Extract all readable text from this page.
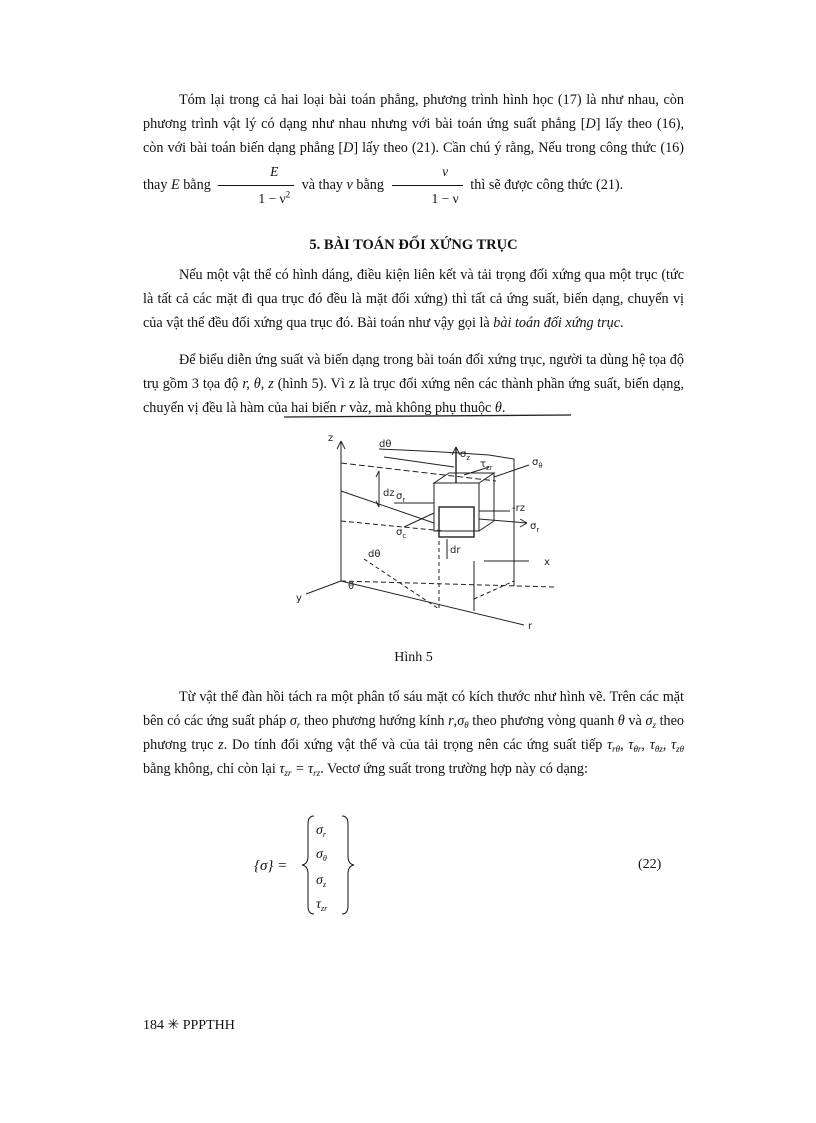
Tóm lại trong cả hai loại bài toán phẳng, phương trình hình học (17) là như nhau, còn phương trình vật lý có dạng như nhau nhưng với bài toán ứng suất phẳng [D] lấy theo (16), còn với bài toán biến dạng phẳng [D] lấy theo (21). Cần chú ý rằng, Nếu trong công thức (16) thay E bằng $\frac{E}{1 - \nu^2}$ và thay ν bằng $\frac{\nu}{1 - \nu}$ thì sẽ được công thức (21).

5. BÀI TOÁN ĐỐI XỨNG TRỤC

Nếu một vật thể có hình dáng, điều kiện liên kết và tải trọng đối xứng qua một trục (tức là tất cả các mặt đi qua trục đó đều là mặt đối xứng) thì tất cả ứng suất, biến dạng, chuyển vị của vật thể đều đối xứng qua trục đó. Bài toán như vậy gọi là bài toán đối xứng trục.

Để biểu diễn ứng suất và biến dạng trong bài toán đối xứng trục, người ta dùng hệ tọa độ trụ gồm 3 tọa độ r, θ, z (hình 5). Vì z là trục đối xứng nên các thành phần ứng suất, biến dạng, chuyển vị đều là hàm của hai biến r vàz, mà không phụ thuộc θ.

z
dθ
dz
dr
dθ
θ
x
y
r
$\sigma_z$
$\tau_{zr}$	$\sigma_\theta$
-rz
$\sigma_r$
$\sigma_r$
$\sigma_c$

Hình 5

Từ vật thể đàn hồi tách ra một phân tố sáu mặt có kích thước như hình vẽ. Trên các mặt bên có các ứng suất pháp $\sigma_r$ theo phương hướng kính $r,\sigma_\theta$ theo phương vòng quanh θ và $\sigma_z$ theo phương trục z. Do tính đối xứng vật thể và của tải trọng nên các ứng suất tiếp $\tau_{r\theta}$, $\tau_{\theta r}$, $\tau_{\theta z}$, $\tau_{z\theta}$ bằng không, chỉ còn lại $\tau_{zr} = \tau_{rz}$. Vectơ ứng suất trong trường hợp này có dạng:

{σ} =
$\sigma_r$
$\sigma_\theta$
$\sigma_z$
$\tau_{zr}$
(22)

184 ✳ PPPTHH
